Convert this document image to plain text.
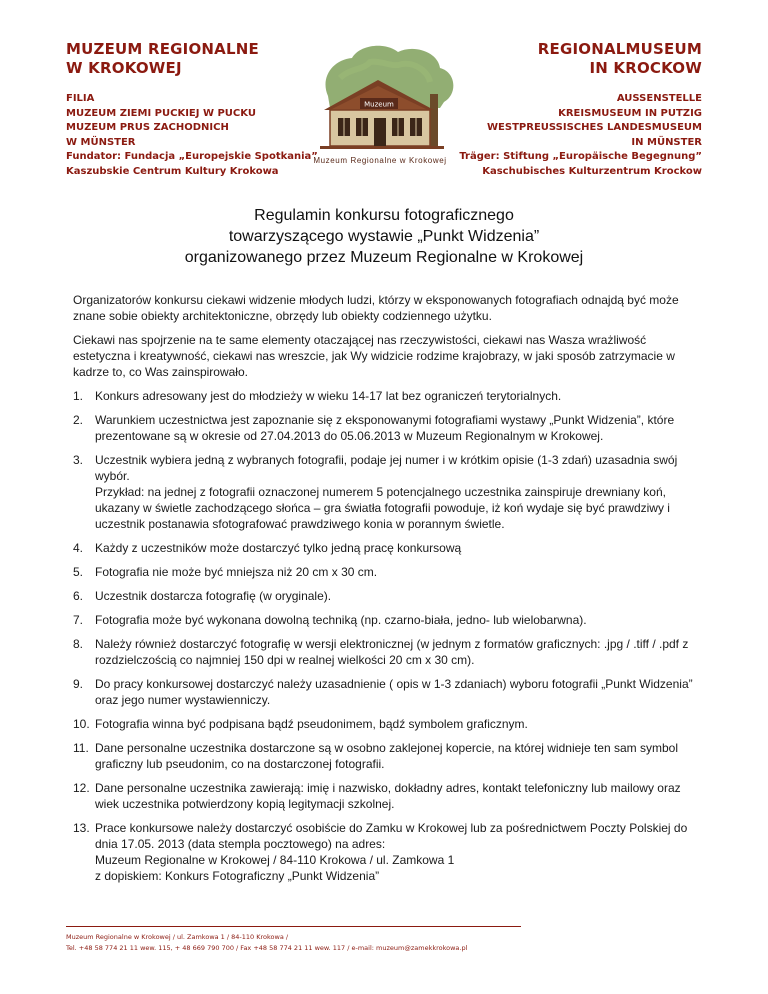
MUZEUM REGIONALNE
W KROKOWEJ
FILIA
MUZEUM ZIEMI PUCKIEJ W PUCKU
MUZEUM PRUS ZACHODNICH
W MÜNSTER
Fundator: Fundacja „Europejskie Spotkania”
Kaszubskie Centrum Kultury Krokowa
Muzeum
Muzeum Regionalne w Krokowej
REGIONALMUSEUM
IN KROCKOW
AUSSENSTELLE
KREISMUSEUM IN PUTZIG
WESTPREUSSISCHES LANDESMUSEUM
IN MÜNSTER
Träger: Stiftung „Europäische Begegnung”
Kaschubisches Kulturzentrum Krockow
Regulamin konkursu fotograficznego
towarzyszącego wystawie „Punkt Widzenia”
organizowanego przez Muzeum Regionalne w Krokowej

Organizatorów konkursu ciekawi widzenie młodych ludzi, którzy w eksponowanych fotografiach odnajdą być może znane sobie obiekty architektoniczne, obrzędy lub obiekty codziennego użytku.

Ciekawi nas spojrzenie na te same elementy otaczającej nas rzeczywistości, ciekawi nas Wasza wrażliwość estetyczna i kreatywność, ciekawi nas wreszcie, jak Wy widzicie rodzime krajobrazy, w jaki sposób zatrzymacie w kadrze to, co Was zainspirowało.

1. Konkurs adresowany jest do młodzieży w wieku 14-17 lat bez ograniczeń terytorialnych.
2. Warunkiem uczestnictwa jest zapoznanie się z eksponowanymi fotografiami wystawy „Punkt Widzenia”, które prezentowane są w okresie od 27.04.2013 do 05.06.2013 w Muzeum Regionalnym w Krokowej.
3. Uczestnik wybiera jedną z wybranych fotografii, podaje jej numer i w krótkim opisie (1-3 zdań) uzasadnia swój wybór.
Przykład: na jednej z fotografii oznaczonej numerem 5 potencjalnego uczestnika zainspiruje drewniany koń, ukazany w świetle zachodzącego słońca – gra światła fotografii powoduje, iż koń wydaje się być prawdziwy i uczestnik postanawia sfotografować prawdziwego konia w porannym świetle.
4. Każdy z uczestników może dostarczyć tylko jedną pracę konkursową
5. Fotografia nie może być mniejsza niż 20 cm x 30 cm.
6. Uczestnik dostarcza fotografię (w oryginale).
7. Fotografia może być wykonana dowolną techniką (np. czarno-biała, jedno- lub wielobarwna).
8. Należy również dostarczyć fotografię w wersji elektronicznej (w jednym z formatów graficznych: .jpg / .tiff / .pdf z rozdzielczością co najmniej 150 dpi w realnej wielkości 20 cm x 30 cm).
9. Do pracy konkursowej dostarczyć należy uzasadnienie ( opis w 1-3 zdaniach) wyboru fotografii „Punkt Widzenia” oraz jego numer wystawienniczy.
10. Fotografia winna być podpisana bądź pseudonimem, bądź symbolem graficznym.
11. Dane personalne uczestnika dostarczone są w osobno zaklejonej kopercie, na której widnieje ten sam symbol graficzny lub pseudonim, co na dostarczonej fotografii.
12. Dane personalne uczestnika zawierają: imię i nazwisko, dokładny adres, kontakt telefoniczny lub mailowy oraz wiek uczestnika potwierdzony kopią legitymacji szkolnej.
13. Prace konkursowe należy dostarczyć osobiście do Zamku w Krokowej lub za pośrednictwem Poczty Polskiej do dnia 17.05. 2013 (data stempla pocztowego) na adres:
Muzeum Regionalne w Krokowej / 84-110 Krokowa / ul. Zamkowa 1
z dopiskiem: Konkurs Fotograficzny „Punkt Widzenia”
Muzeum Regionalne w Krokowej / ul. Zamkowa 1 / 84-110 Krokowa /
Tel. +48 58 774 21 11 wew. 115, + 48 669 790 700 / Fax +48 58 774 21 11 wew. 117 / e-mail: muzeum@zamekkrokowa.pl
